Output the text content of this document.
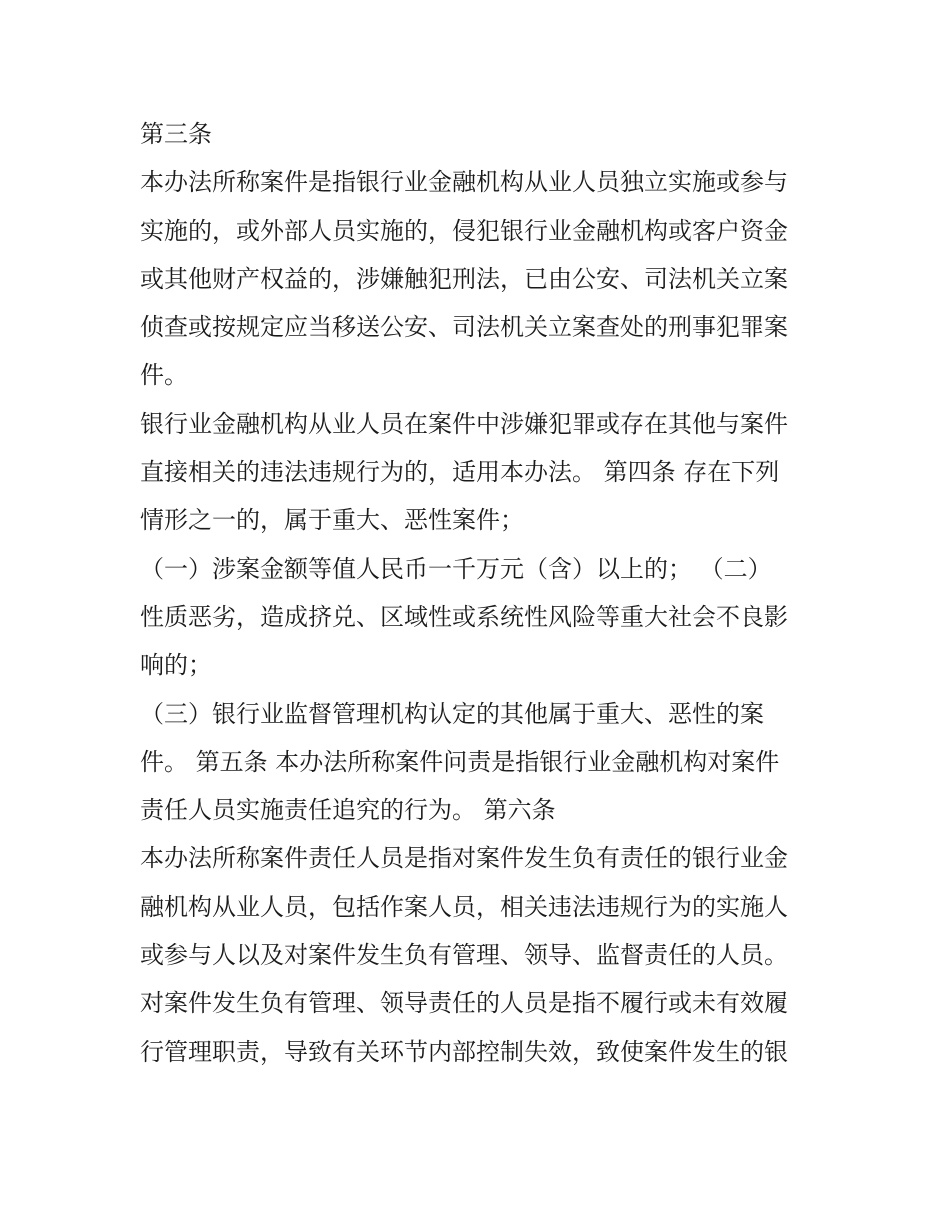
第三条
本办法所称案件是指银行业金融机构从业人员独立实施或参与
实施的，或外部人员实施的，侵犯银行业金融机构或客户资金
或其他财产权益的，涉嫌触犯刑法，已由公安、司法机关立案
侦查或按规定应当移送公安、司法机关立案查处的刑事犯罪案
件。
银行业金融机构从业人员在案件中涉嫌犯罪或存在其他与案件
直接相关的违法违规行为的，适用本办法。 第四条 存在下列
情形之一的，属于重大、恶性案件；
（一）涉案金额等值人民币一千万元（含）以上的； （二）
性质恶劣，造成挤兑、区域性或系统性风险等重大社会不良影
响的；
（三）银行业监督管理机构认定的其他属于重大、恶性的案
件。 第五条 本办法所称案件问责是指银行业金融机构对案件
责任人员实施责任追究的行为。 第六条
本办法所称案件责任人员是指对案件发生负有责任的银行业金
融机构从业人员，包括作案人员，相关违法违规行为的实施人
或参与人以及对案件发生负有管理、领导、监督责任的人员。
对案件发生负有管理、领导责任的人员是指不履行或未有效履
行管理职责，导致有关环节内部控制失效，致使案件发生的银
